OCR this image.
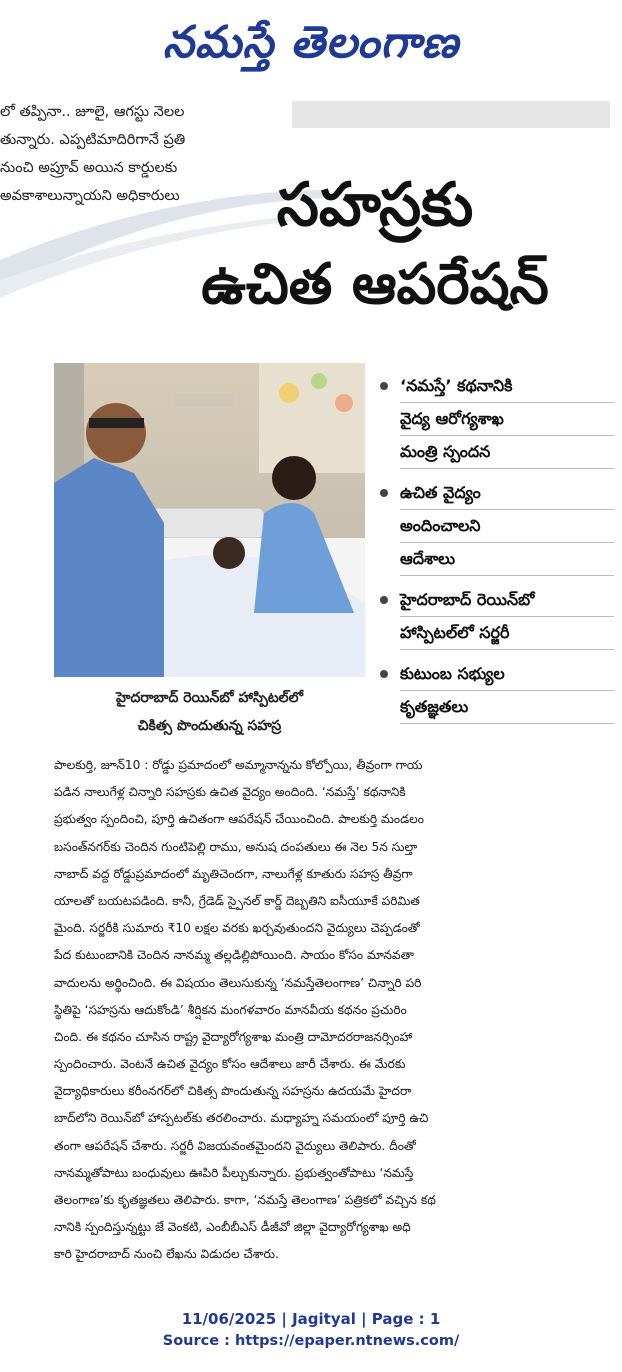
నమస్తే తెలంగాణ
లో తప్పినా.. జూలై, ఆగస్టు నెలల
తున్నారు. ఎప్పటిమాదిరిగానే ప్రతి
నుంచి అప్రూవ్ అయిన కార్డులకు
అవకాశాలున్నాయని అధికారులు	సహస్రకు
ఉచిత ఆపరేషన్
హైదరాబాద్ రెయిన్‌బో హాస్పిటల్‌లో
చికిత్స పొందుతున్న సహస్ర
‘నమస్తే’ కథనానికి
వైద్య ఆరోగ్యశాఖ
మంత్రి స్పందన
ఉచిత వైద్యం
అందించాలని
ఆదేశాలు
హైదరాబాద్ రెయిన్‌బో
హాస్పిటల్‌లో సర్జరీ
కుటుంబ సభ్యుల
కృతజ్ఞతలు
పాలకుర్తి, జూన్10 : రోడ్డు ప్రమాదంలో అమ్మానాన్నను కోల్పోయి, తీవ్రంగా గాయ
పడిన నాలుగేళ్ల చిన్నారి సహస్రకు ఉచిత వైద్యం అందింది. ‘నమస్తే’ కథనానికి
ప్రభుత్వం స్పందించి, పూర్తి ఉచితంగా ఆపరేషన్ చేయించింది. పాలకుర్తి మండలం
బసంత్‌నగర్‌కు చెందిన గుంటిపెల్లి రాము, అనుష దంపతులు ఈ నెల 5న సుల్తా
నాబాద్ వద్ద రోడ్డుప్రమాదంలో మృతిచెందగా, నాలుగేళ్ల కూతురు సహస్ర తీవ్రగా
యాలతో బయటపడింది. కానీ, గ్రేడెడ్ స్పైనల్ కార్డ్ దెబ్బతిని ఐసీయూకే పరిమిత
మైంది. సర్జరీకి సుమారు ₹10 లక్షల వరకు ఖర్చవుతుందని వైద్యులు చెప్పడంతో
పేద కుటుంబానికి చెందిన నానమ్మ తల్లడిల్లిపోయింది. సాయం కోసం మానవతా
వాదులను అర్థించింది. ఈ విషయం తెలుసుకున్న ‘నమస్తేతెలంగాణ’ చిన్నారి పరి
స్థితిపై ‘సహస్రను ఆదుకోండి’ శీర్షికన మంగళవారం మానవీయ కథనం ప్రచురిం
చింది. ఈ కథనం చూసిన రాష్ట్ర వైద్యారోగ్యశాఖ మంత్రి దామోదరరాజనర్సింహా
స్పందించారు. వెంటనే ఉచిత వైద్యం కోసం ఆదేశాలు జారీ చేశారు. ఈ మేరకు
వైద్యాధికారులు కరీంనగర్‌లో చికిత్స పొందుతున్న సహస్రను ఉదయమే హైదరా
బాద్‌లోని రెయిన్‌బో హాస్పటల్‌కు తరలించారు. మధ్యాహ్న సమయంలో పూర్తి ఉచి
తంగా ఆపరేషన్ చేశారు. సర్జరీ విజయవంతమైందని వైద్యులు తెలిపారు. దీంతో
నానమ్మతోపాటు బంధువులు ఊపిరి పీల్చుకున్నారు. ప్రభుత్వంతోపాటు ‘నమస్తే
తెలంగాణ’కు కృతజ్ఞతలు తెలిపారు. కాగా, ‘నమస్తే తెలంగాణ’ పత్రికలో వచ్చిన కథ
నానికి స్పందిస్తున్నట్టు జే వెంకటి, ఎంబీబీఎస్ డీజీవో జిల్లా వైద్యారోగ్యశాఖ అధి
కారి హైదరాబాద్ నుంచి లేఖను విడుదల చేశారు.
11/06/2025 | Jagityal | Page : 1
Source : https://epaper.ntnews.com/
